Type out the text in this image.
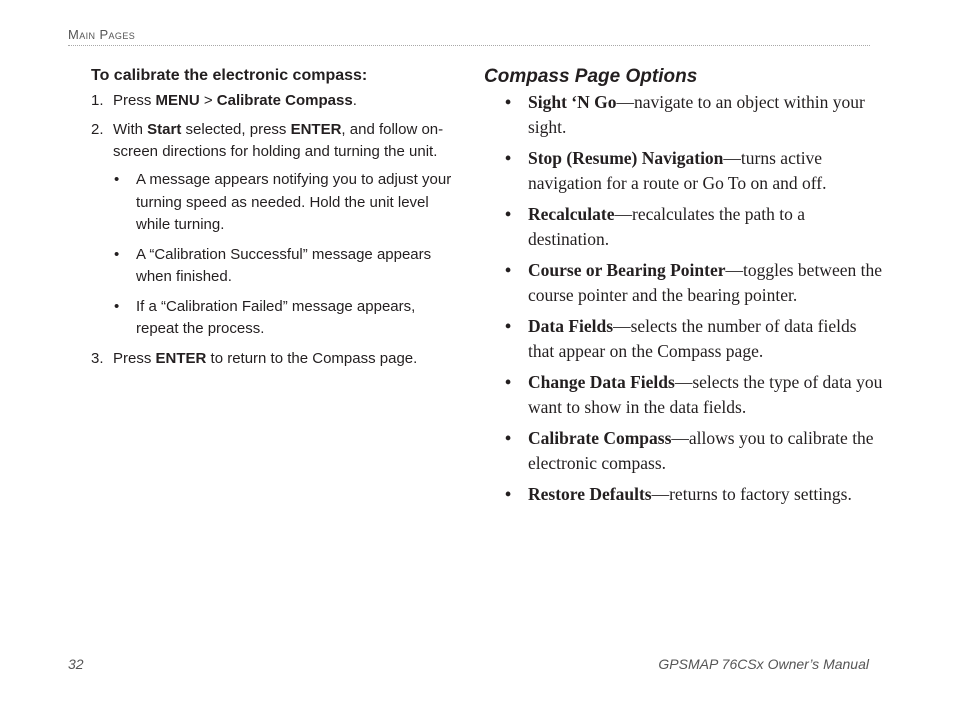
Main Pages
To calibrate the electronic compass:
1. Press MENU > Calibrate Compass.
2. With Start selected, press ENTER, and follow on-screen directions for holding and turning the unit.
• A message appears notifying you to adjust your turning speed as needed. Hold the unit level while turning.
• A “Calibration Successful” message appears when finished.
• If a “Calibration Failed” message appears, repeat the process.
3. Press ENTER to return to the Compass page.
Compass Page Options
• Sight ‘N Go—navigate to an object within your sight.
• Stop (Resume) Navigation—turns active navigation for a route or Go To on and off.
• Recalculate—recalculates the path to a destination.
• Course or Bearing Pointer—toggles between the course pointer and the bearing pointer.
• Data Fields—selects the number of data fields that appear on the Compass page.
• Change Data Fields—selects the type of data you want to show in the data fields.
• Calibrate Compass—allows you to calibrate the electronic compass.
• Restore Defaults—returns to factory settings.
32	GPSMAP 76CSx Owner’s Manual
